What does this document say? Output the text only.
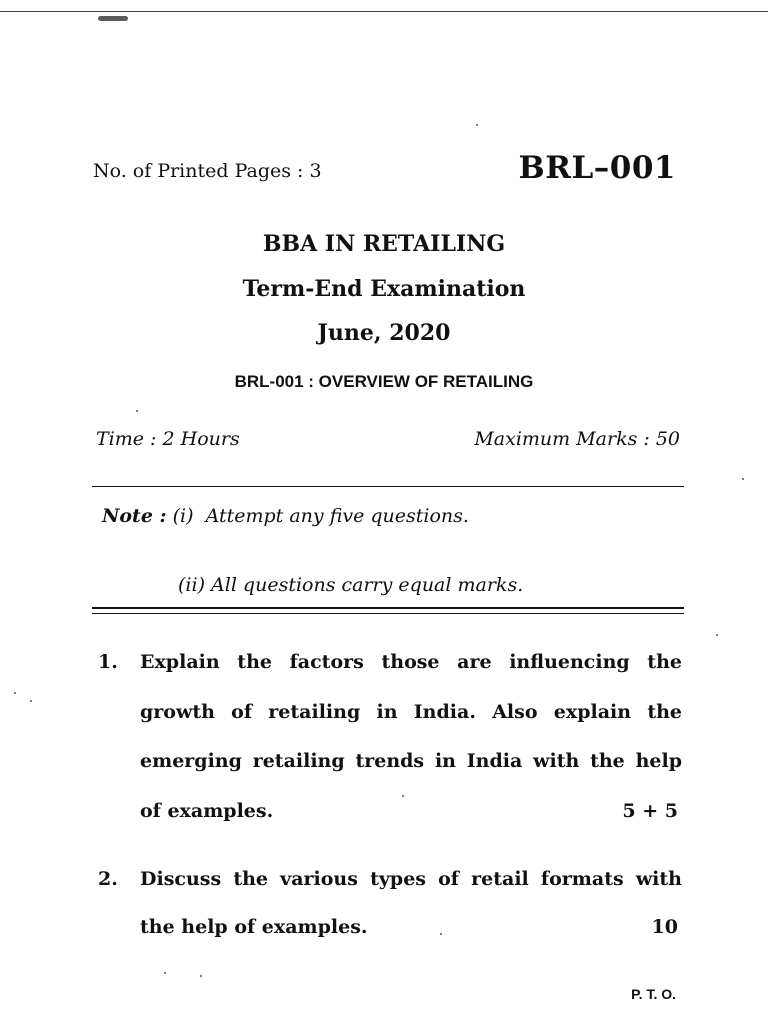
No. of Printed Pages : 3	BRL–001
BBA IN RETAILING
Term-End Examination
June, 2020
BRL-001 : OVERVIEW OF RETAILING
Time : 2 Hours	Maximum Marks : 50
Note : (i) Attempt any five questions.
(ii) All questions carry equal marks.
1. Explain the factors those are influencing the
growth of retailing in India. Also explain the
emerging retailing trends in India with the help
of examples.	5 + 5
2. Discuss the various types of retail formats with
the help of examples.	10
P. T. O.
